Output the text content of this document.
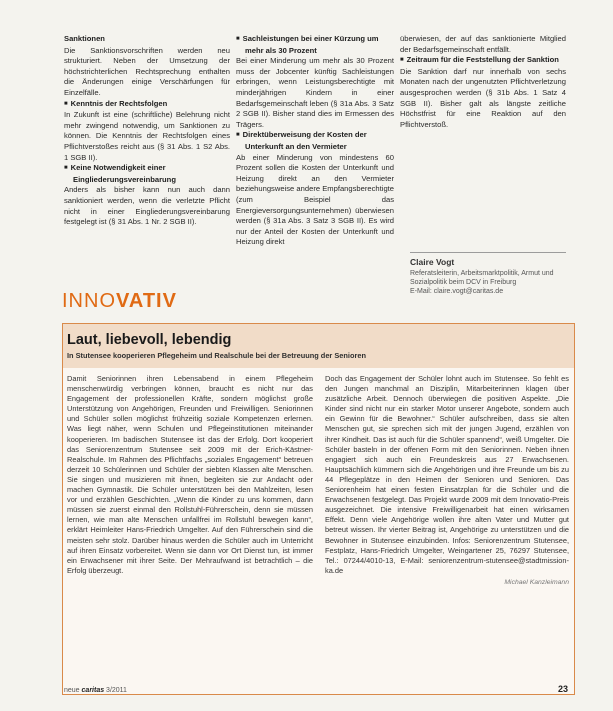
Sanktionen

Die Sanktionsvorschriften werden neu strukturiert. Neben der Umsetzung der höchstrichterlichen Rechtsprechung enthalten die Änderungen einige Verschärfungen für Einzelfälle.

■ Kenntnis der Rechtsfolgen

In Zukunft ist eine (schriftliche) Belehrung nicht mehr zwingend notwendig, um Sanktionen zu können. Die Kenntnis der Rechtsfolgen eines Pflichtverstoßes reicht aus (§ 31 Abs. 1 S2 Abs. 1 SGB II).

■ Keine Notwendigkeit einer Eingliederungsvereinbarung

Anders als bisher kann nun auch dann sanktioniert werden, wenn die verletzte Pflicht nicht in einer Eingliederungsvereinbarung festgelegt ist (§ 31 Abs. 1 Nr. 2 SGB II).

■ Sachleistungen bei einer Kürzung um mehr als 30 Prozent

Bei einer Minderung um mehr als 30 Prozent muss der Jobcenter künftig Sachleistungen erbringen, wenn Leistungsberechtigte mit minderjährigen Kindern in einer Bedarfsgemeinschaft leben (§ 31a Abs. 3 Satz 2 SGB II). Bisher stand dies im Ermessen des Trägers.

■ Direktüberweisung der Kosten der Unterkunft an den Vermieter

Ab einer Minderung von mindestens 60 Prozent sollen die Kosten der Unterkunft und Heizung direkt an den Vermieter beziehungsweise andere Empfangsberechtigte (zum Beispiel das Energieversorgungsunternehmen) überwiesen werden (§ 31a Abs. 3 Satz 3 SGB II). Es wird nur der Anteil der Kosten der Unterkunft und Heizung direkt

überwiesen, der auf das sanktionierte Mitglied der Bedarfsgemeinschaft entfällt.

■ Zeitraum für die Feststellung der Sanktion

Die Sanktion darf nur innerhalb von sechs Monaten nach der ungenutzten Pflichtverletzung ausgesprochen werden (§ 31b Abs. 1 Satz 4 SGB II). Bisher galt als längste zeitliche Höchstfrist für eine Reaktion auf den Pflichtverstoß.

Claire Vogt
Referatsleiterin, Arbeitsmarktpolitik, Armut und
Sozialpolitik beim DCV in Freiburg
E-Mail: claire.vogt@caritas.de
INNOVATIV
Laut, liebevoll, lebendig
In Stutensee kooperieren Pflegeheim und Realschule bei der Betreuung der Senioren

Damit Seniorinnen ihren Lebensabend in einem Pflegeheim menschenwürdig verbringen können, braucht es nicht nur das Engagement der professionellen Kräfte, sondern möglichst große Unterstützung von Angehörigen, Freunden und Freiwilligen. Seniorinnen und Schüler sollen möglichst frühzeitig soziale Kompetenzen erlernen. Was liegt näher, wenn Schulen und Pflegeinstitutionen miteinander kooperieren. Im badischen Stutensee ist das der Erfolg. Dort kooperiert das Seniorenzentrum Stutensee seit 2009 mit der Erich-Kästner-Realschule. Im Rahmen des Pflichtfachs „soziales Engagement“ betreuen derzeit 10 Schülerinnen und Schüler der siebten Klassen alte Menschen. Sie singen und musizieren mit ihnen, begleiten sie zur Andacht oder machen Gymnastik. Die Schüler unterstützen bei den Mahlzeiten, lesen vor und erzählen Geschichten. „Wenn die Kinder zu uns kommen, dann müssen sie zuerst einmal den Rollstuhl-Führerschein, denn sie müssen lernen, wie man alte Menschen unfallfrei im Rollstuhl bewegen kann“, erklärt Heimleiter Hans-Friedrich Umgelter. Auf den Führerschein sind die meisten sehr stolz. Darüber hinaus werden die Schüler auch im Unterricht auf ihren Einsatz vorbereitet. Wenn sie dann vor Ort Dienst tun, ist immer ein Erwachsener mit ihrer Seite. Der Mehraufwand ist betrachtlich – die Erfolg überzeugt.

Doch das Engagement der Schüler lohnt auch im Stutensee. So fehlt es den Jungen manchmal an Disziplin, Mitarbeiterinnen klagen über zusätzliche Arbeit. Dennoch überwiegen die positiven Aspekte. „Die Kinder sind nicht nur ein starker Motor unserer Angebote, sondern auch ein Gewinn für die Bewohner.“ Schüler aufschreiben, dass sie alten Menschen gut, sie sprechen sich mit der jungen Jugend, erzählen von ihrer Kindheit. Das ist auch für die Schüler spannend“, weiß Umgelter. Die Schüler basteln in der offenen Form mit den Seniorinnen. Neben ihnen engagiert sich auch ein Freundeskreis aus 27 Erwachsenen. Hauptsächlich kümmern sich die Angehörigen und ihre Freunde um bis zu 44 Pflegeplätze in den Heimen der Senioren und Senioren. Das Seniorenheim hat einen festen Einsatzplan für die Schüler und die Erwachsenen festgelegt. Das Projekt wurde 2009 mit dem Innovatio-Preis ausgezeichnet. Die intensive Freiwilligenarbeit hat einen wirksamen Effekt. Denn viele Angehörige wollen ihre alten Vater und Mutter gut betreut wissen. Ihr vierter Beitrag ist, Angehörige zu unterstützen und die Bewohner in Stutensee einzubinden. Infos: Seniorenzentrum Stutensee, Festplatz, Hans-Friedrich Umgelter, Weingartener 25, 76297 Stutensee, Tel.: 07244/4010-13, E-Mail: seniorenzentrum-stutensee@stadtmission-ka.de

Michael Kanzleimann
neue caritas 3/2011	23
